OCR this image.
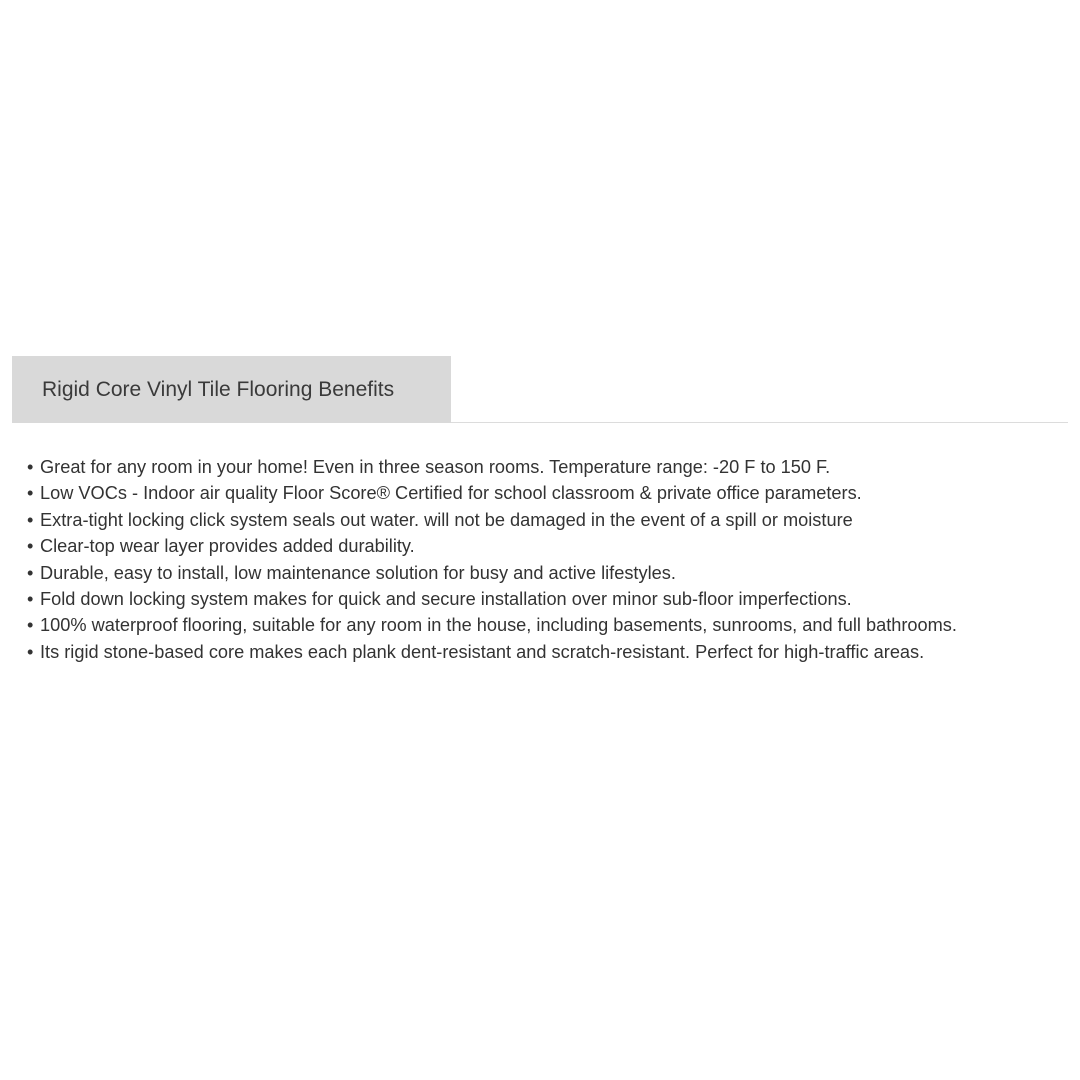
Rigid Core Vinyl Tile Flooring Benefits
• Great for any room in your home! Even in three season rooms. Temperature range: -20 F to 150 F.
• Low VOCs - Indoor air quality Floor Score® Certified for school classroom & private office parameters.
• Extra-tight locking click system seals out water. will not be damaged in the event of a spill or moisture
• Clear-top wear layer provides added durability.
• Durable, easy to install, low maintenance solution for busy and active lifestyles.
• Fold down locking system makes for quick and secure installation over minor sub-floor imperfections.
• 100% waterproof flooring, suitable for any room in the house, including basements, sunrooms, and full bathrooms.
• Its rigid stone-based core makes each plank dent-resistant and scratch-resistant. Perfect for high-traffic areas.
